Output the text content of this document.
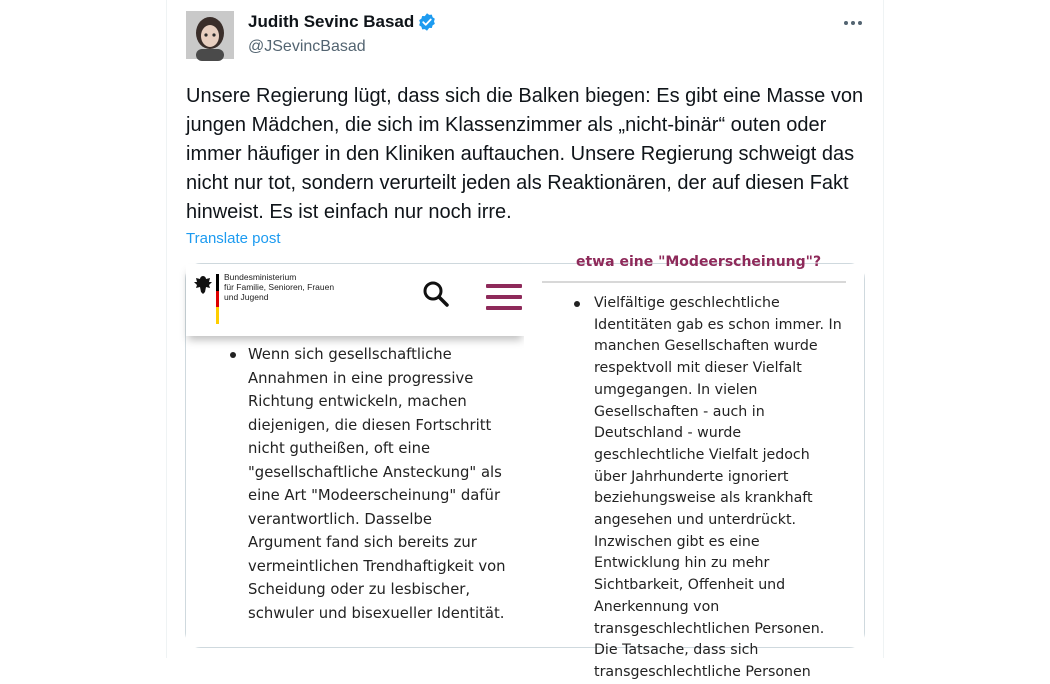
Judith Sevinc Basad
@JSevincBasad
Unsere Regierung lügt, dass sich die Balken biegen: Es gibt eine Masse von jungen Mädchen, die sich im Klassenzimmer als „nicht-binär“ outen oder immer häufiger in den Kliniken auftauchen. Unsere Regierung schweigt das nicht nur tot, sondern verurteilt jeden als Reaktionären, der auf diesen Fakt hinweist. Es ist einfach nur noch irre.
Translate post
Bundesministerium
für Familie, Senioren, Frauen
und Jugend
Wenn sich gesellschaftliche Annahmen in eine progressive Richtung entwickeln, machen diejenigen, die diesen Fortschritt nicht gutheißen, oft eine "gesellschaftliche Ansteckung" als eine Art "Modeerscheinung" dafür verantwortlich. Dasselbe Argument fand sich bereits zur vermeintlichen Trendhaftigkeit von Scheidung oder zu lesbischer, schwuler und bisexueller Identität.
etwa eine "Modeerscheinung"?
Vielfältige geschlechtliche Identitäten gab es schon immer. In manchen Gesellschaften wurde respektvoll mit dieser Vielfalt umgegangen. In vielen Gesellschaften - auch in Deutschland - wurde geschlechtliche Vielfalt jedoch über Jahrhunderte ignoriert beziehungsweise als krankhaft angesehen und unterdrückt. Inzwischen gibt es eine Entwicklung hin zu mehr Sichtbarkeit, Offenheit und Anerkennung von transgeschlechtlichen Personen. Die Tatsache, dass sich transgeschlechtliche Personen
